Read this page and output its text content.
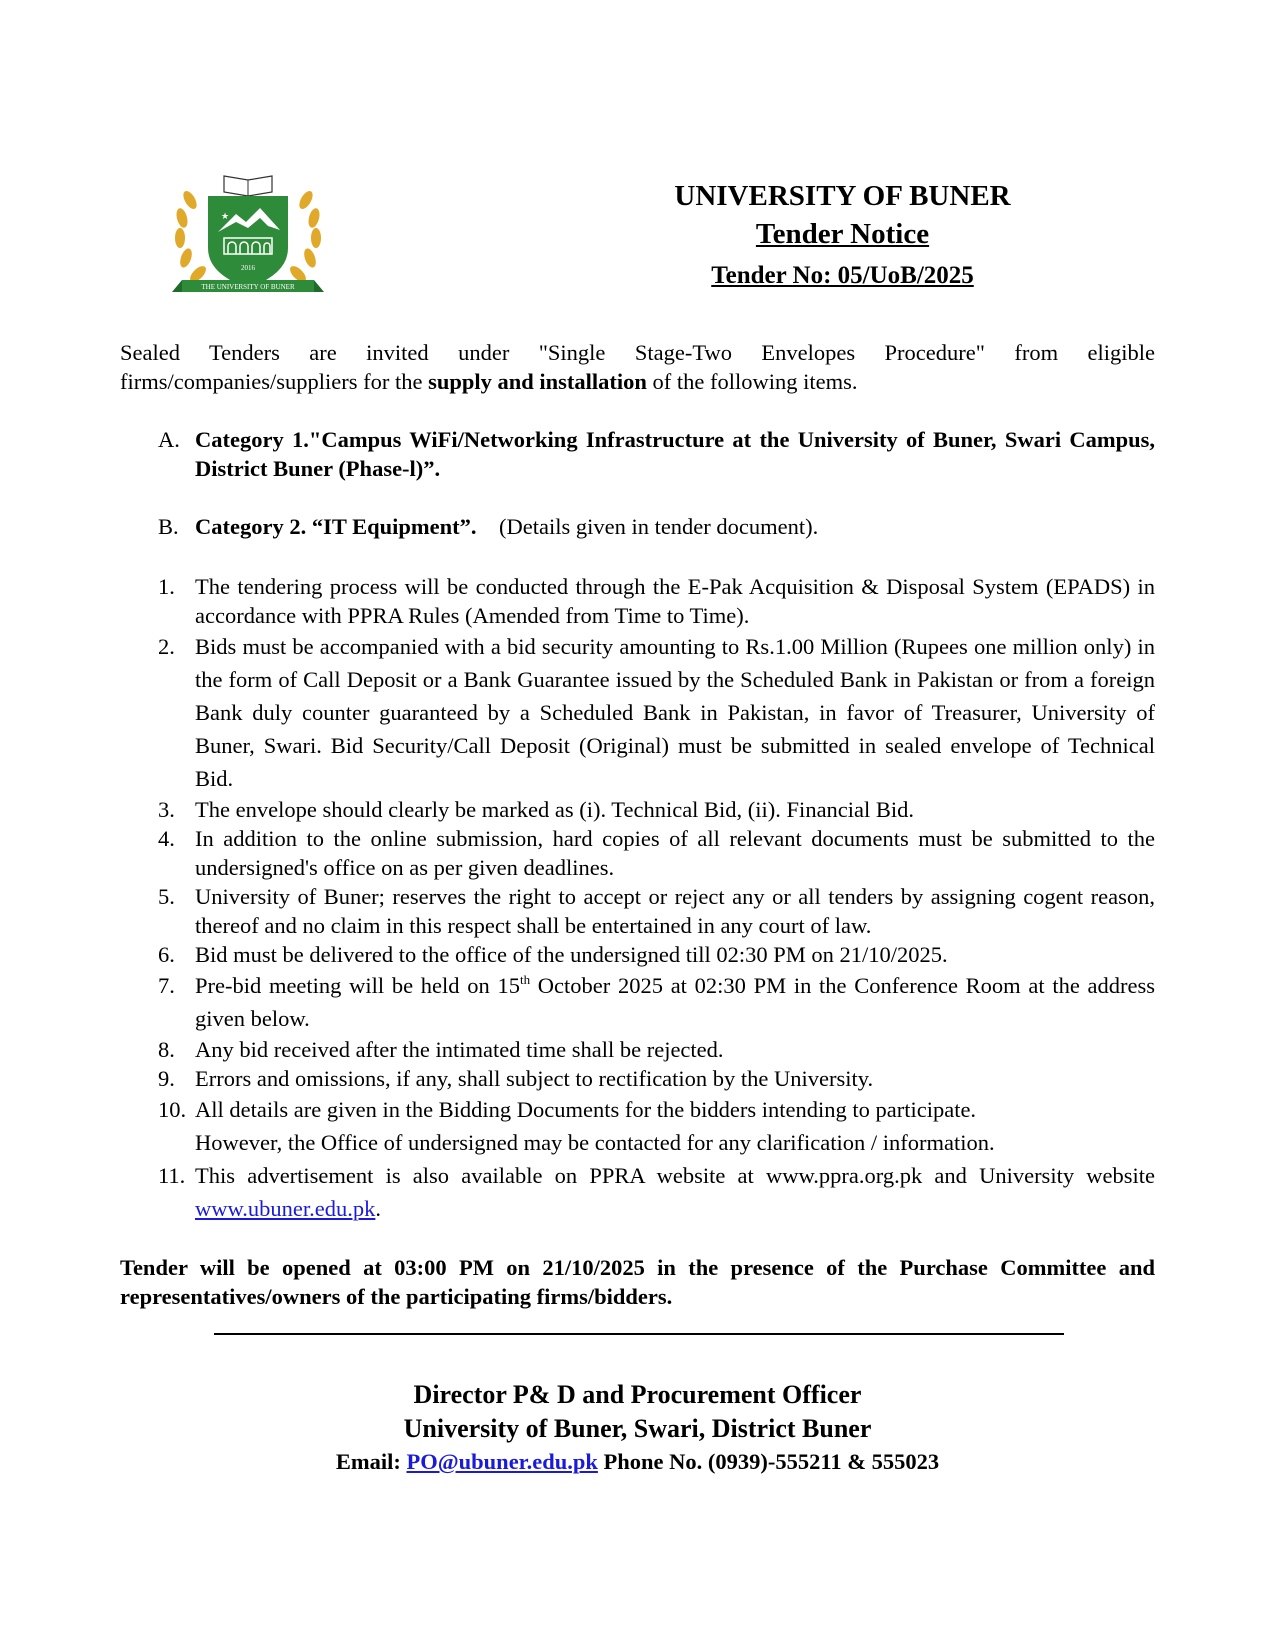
★
2016
THE UNIVERSITY OF BUNER
UNIVERSITY OF BUNER
Tender Notice
Tender No: 05/UoB/2025
Sealed Tenders are invited under "Single Stage-Two Envelopes Procedure" from eligible firms/companies/suppliers for the supply and installation of the following items.
A. Category 1."Campus WiFi/Networking Infrastructure at the University of Buner, Swari Campus, District Buner (Phase-l)”.
B. Category 2. “IT Equipment”. (Details given in tender document).
1. The tendering process will be conducted through the E-Pak Acquisition & Disposal System (EPADS) in accordance with PPRA Rules (Amended from Time to Time).
2. Bids must be accompanied with a bid security amounting to Rs.1.00 Million (Rupees one million only) in the form of Call Deposit or a Bank Guarantee issued by the Scheduled Bank in Pakistan or from a foreign Bank duly counter guaranteed by a Scheduled Bank in Pakistan, in favor of Treasurer, University of Buner, Swari. Bid Security/Call Deposit (Original) must be submitted in sealed envelope of Technical Bid.
3. The envelope should clearly be marked as (i). Technical Bid, (ii). Financial Bid.
4. In addition to the online submission, hard copies of all relevant documents must be submitted to the undersigned's office on as per given deadlines.
5. University of Buner; reserves the right to accept or reject any or all tenders by assigning cogent reason, thereof and no claim in this respect shall be entertained in any court of law.
6. Bid must be delivered to the office of the undersigned till 02:30 PM on 21/10/2025.
7. Pre-bid meeting will be held on 15th October 2025 at 02:30 PM in the Conference Room at the address given below.
8. Any bid received after the intimated time shall be rejected.
9. Errors and omissions, if any, shall subject to rectification by the University.
10. All details are given in the Bidding Documents for the bidders intending to participate.
However, the Office of undersigned may be contacted for any clarification / information.
11. This advertisement is also available on PPRA website at www.ppra.org.pk and University website www.ubuner.edu.pk.
Tender will be opened at 03:00 PM on 21/10/2025 in the presence of the Purchase Committee and representatives/owners of the participating firms/bidders.
Director P& D and Procurement Officer
University of Buner, Swari, District Buner
Email: PO@ubuner.edu.pk Phone No. (0939)-555211 & 555023
